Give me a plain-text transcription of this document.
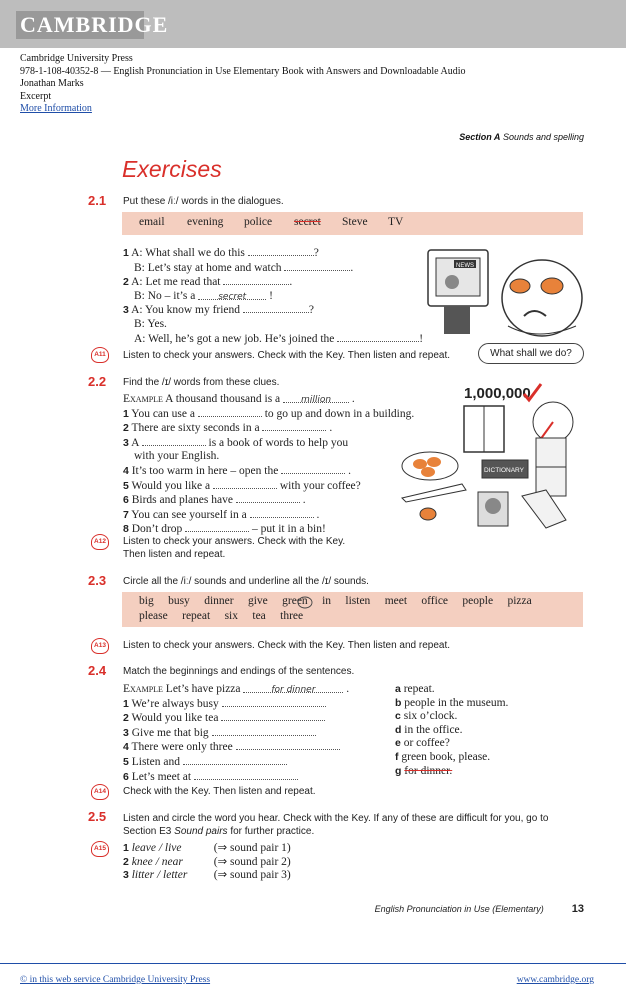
CAMBRIDGE
Cambridge University Press
978-1-108-40352-8 — English Pronunciation in Use Elementary Book with Answers and Downloadable Audio
Jonathan Marks
Excerpt
More Information
Section A Sounds and spelling
Exercises
2.1 Put these /iː/ words in the dialogues.
email evening police secret Steve TV
1 A: What shall we do this	?
B: Let’s stay at home and watch	.
2 A: Let me read that	.
B: No – it’s a	secret !
3 A: You know my friend	?
B: Yes.
A: Well, he’s got a new job. He’s joined the	!
NEWS
What shall we do?
A11	Listen to check your answers. Check with the Key. Then listen and repeat.
2.2 Find the /ɪ/ words from these clues.
Example A thousand thousand is a million .
1 You can use a	to go up and down in a building.
2 There are sixty seconds in a	.
3 A	is a book of words to help you
with your English.
4 It’s too warm in here – open the	.
5 Would you like a	with your coffee?
6 Birds and planes have	.
7 You can see yourself in a	.
8 Don’t drop	– put it in a bin!
1,000,000
DICTIONARY
A12	Listen to check your answers. Check with the Key.
Then listen and repeat.
2.3 Circle all the /iː/ sounds and underline all the /ɪ/ sounds.
big busy dinner give green in listen meet office people pizza
please repeat six tea three
A13	Listen to check your answers. Check with the Key. Then listen and repeat.
2.4 Match the beginnings and endings of the sentences.
Example Let’s have pizza	for dinner	.
1 We’re always busy
2 Would you like tea
3 Give me that big
4 There were only three
5 Listen and
6 Let’s meet at
a repeat.
b people in the museum.
c six o’clock.
d in the office.
e or coffee?
f green book, please.
g for dinner.
A14	Check with the Key. Then listen and repeat.
2.5 Listen and circle the word you hear. Check with the Key. If any of these are difficult for you, go to
Section E3 Sound pairs for further practice.
A15 1 leave / live	(⇒ sound pair 1)
2 knee / near	(⇒ sound pair 2)
3 litter / letter (⇒ sound pair 3)
English Pronunciation in Use (Elementary)	13
© in this web service Cambridge University Press	www.cambridge.org
